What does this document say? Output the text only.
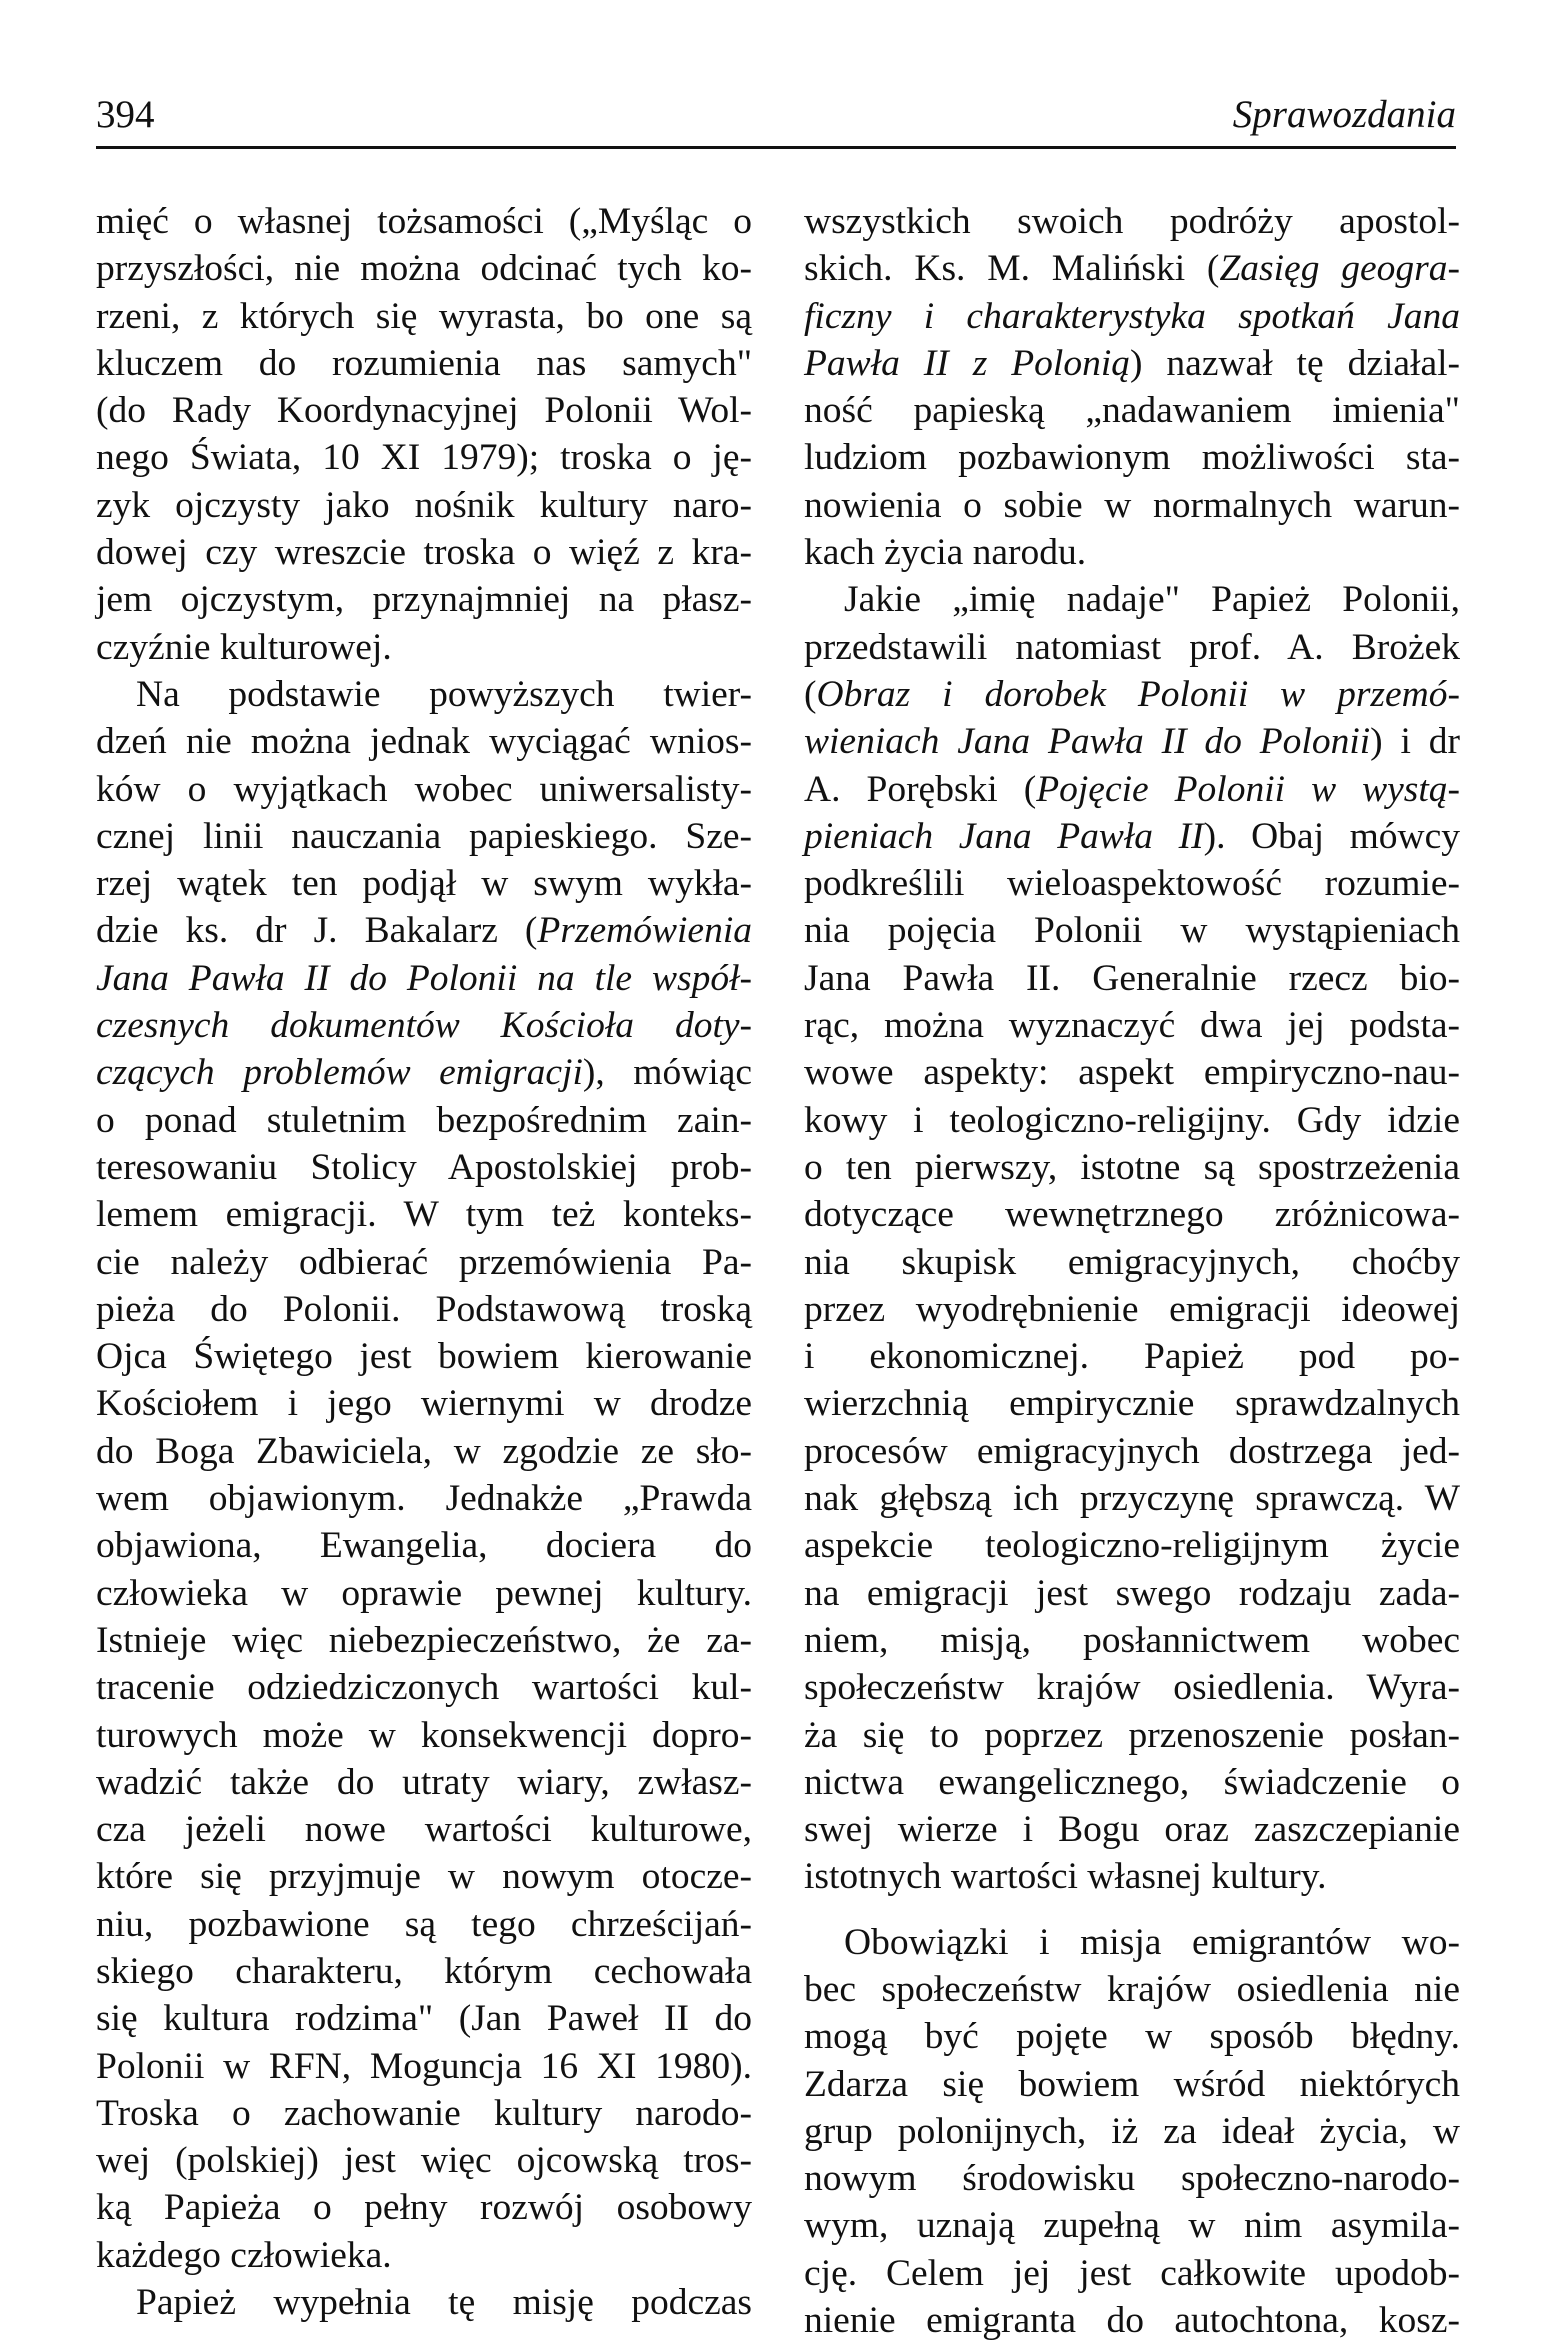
394	Sprawozdania
mięć o własnej tożsamości („Myśląc o
przyszłości, nie można odcinać tych ko-
rzeni, z których się wyrasta, bo one są
kluczem do rozumienia nas samych"
(do Rady Koordynacyjnej Polonii Wol-
nego Świata, 10 XI 1979); troska o ję-
zyk ojczysty jako nośnik kultury naro-
dowej czy wreszcie troska o więź z kra-
jem ojczystym, przynajmniej na płasz-
czyźnie kulturowej.
Na podstawie powyższych twier-
dzeń nie można jednak wyciągać wnios-
ków o wyjątkach wobec uniwersalisty-
cznej linii nauczania papieskiego. Sze-
rzej wątek ten podjął w swym wykła-
dzie ks. dr J. Bakalarz (Przemówienia
Jana Pawła II do Polonii na tle współ-
czesnych dokumentów Kościoła doty-
czących problemów emigracji), mówiąc
o ponad stuletnim bezpośrednim zain-
teresowaniu Stolicy Apostolskiej prob-
lemem emigracji. W tym też konteks-
cie należy odbierać przemówienia Pa-
pieża do Polonii. Podstawową troską
Ojca Świętego jest bowiem kierowanie
Kościołem i jego wiernymi w drodze
do Boga Zbawiciela, w zgodzie ze sło-
wem objawionym. Jednakże „Prawda
objawiona, Ewangelia, dociera do
człowieka w oprawie pewnej kultury.
Istnieje więc niebezpieczeństwo, że za-
tracenie odziedziczonych wartości kul-
turowych może w konsekwencji dopro-
wadzić także do utraty wiary, zwłasz-
cza jeżeli nowe wartości kulturowe,
które się przyjmuje w nowym otocze-
niu, pozbawione są tego chrześcijań-
skiego charakteru, którym cechowała
się kultura rodzima" (Jan Paweł II do
Polonii w RFN, Moguncja 16 XI 1980).
Troska o zachowanie kultury narodo-
wej (polskiej) jest więc ojcowską tros-
ką Papieża o pełny rozwój osobowy
każdego człowieka.
Papież wypełnia tę misję podczas
wszystkich swoich podróży apostol-
skich. Ks. M. Maliński (Zasięg geogra-
ficzny i charakterystyka spotkań Jana
Pawła II z Polonią) nazwał tę działal-
ność papieską „nadawaniem imienia"
ludziom pozbawionym możliwości sta-
nowienia o sobie w normalnych warun-
kach życia narodu.
Jakie „imię nadaje" Papież Polonii,
przedstawili natomiast prof. A. Brożek
(Obraz i dorobek Polonii w przemó-
wieniach Jana Pawła II do Polonii) i dr
A. Porębski (Pojęcie Polonii w wystą-
pieniach Jana Pawła II). Obaj mówcy
podkreślili wieloaspektowość rozumie-
nia pojęcia Polonii w wystąpieniach
Jana Pawła II. Generalnie rzecz bio-
rąc, można wyznaczyć dwa jej podsta-
wowe aspekty: aspekt empiryczno-nau-
kowy i teologiczno-religijny. Gdy idzie
o ten pierwszy, istotne są spostrzeżenia
dotyczące wewnętrznego zróżnicowa-
nia skupisk emigracyjnych, choćby
przez wyodrębnienie emigracji ideowej
i ekonomicznej. Papież pod po-
wierzchnią empirycznie sprawdzalnych
procesów emigracyjnych dostrzega jed-
nak głębszą ich przyczynę sprawczą. W
aspekcie teologiczno-religijnym życie
na emigracji jest swego rodzaju zada-
niem, misją, posłannictwem wobec
społeczeństw krajów osiedlenia. Wyra-
ża się to poprzez przenoszenie posłan-
nictwa ewangelicznego, świadczenie o
swej wierze i Bogu oraz zaszczepianie
istotnych wartości własnej kultury.
Obowiązki i misja emigrantów wo-
bec społeczeństw krajów osiedlenia nie
mogą być pojęte w sposób błędny.
Zdarza się bowiem wśród niektórych
grup polonijnych, iż za ideał życia, w
nowym środowisku społeczno-narodo-
wym, uznają zupełną w nim asymila-
cję. Celem jej jest całkowite upodob-
nienie emigranta do autochtona, kosz-
